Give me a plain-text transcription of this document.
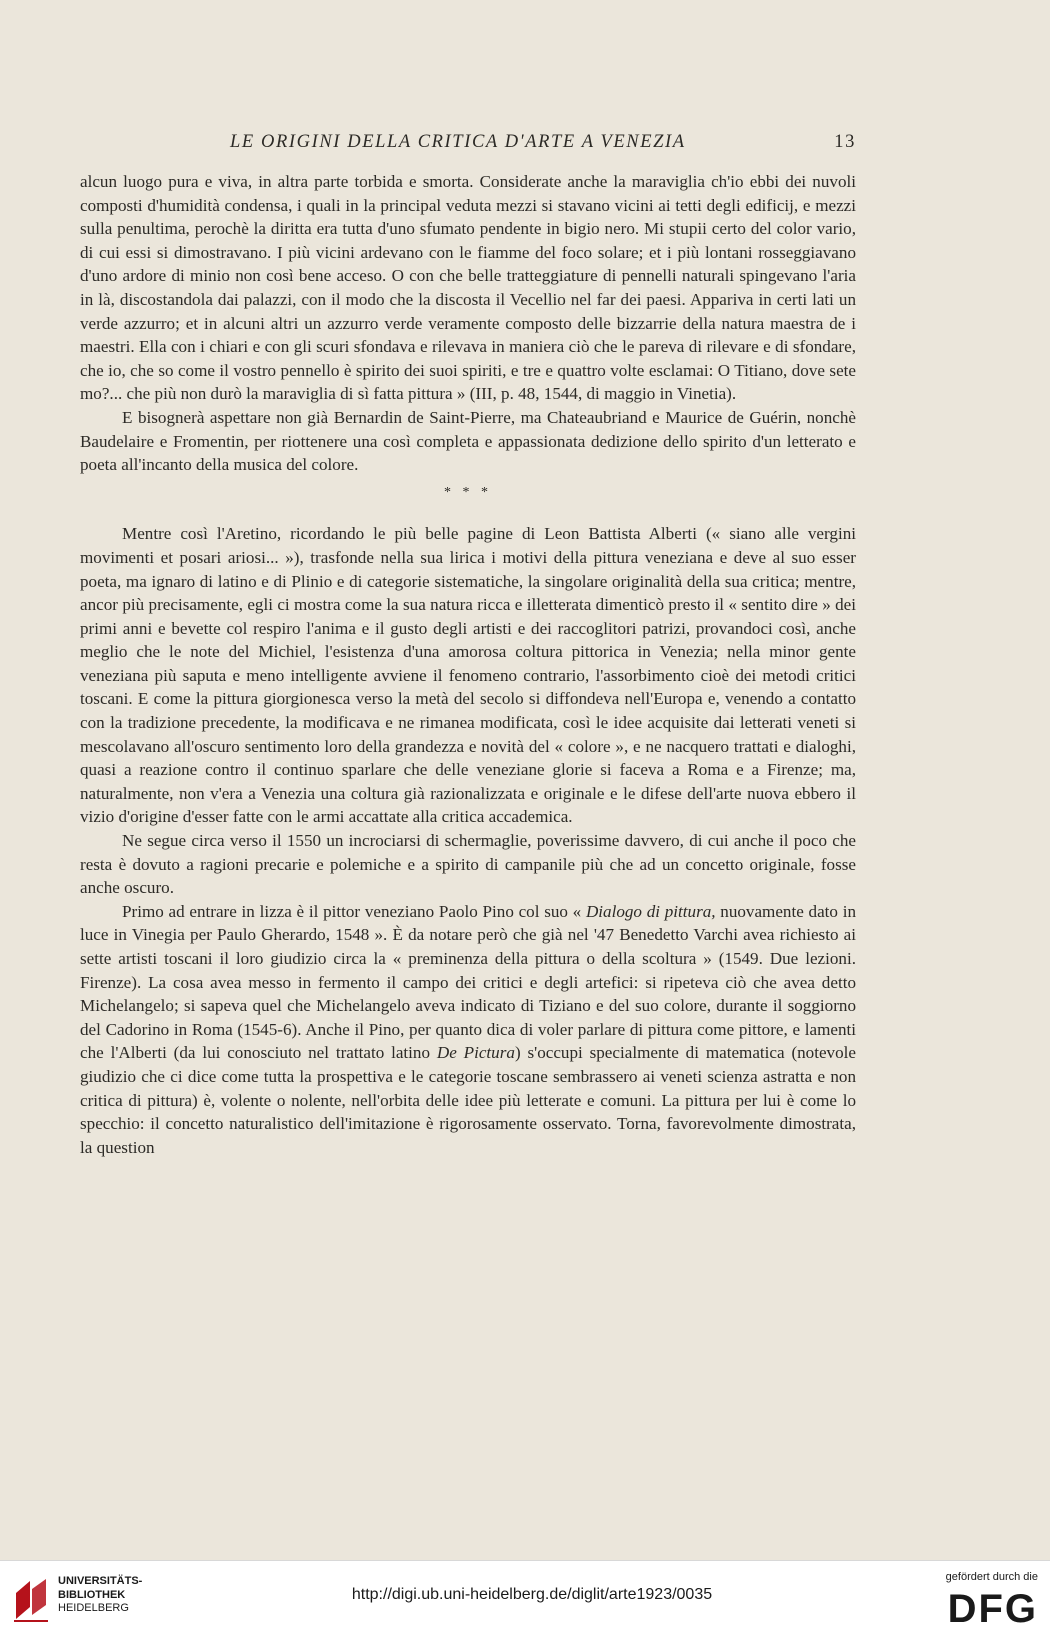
LE ORIGINI DELLA CRITICA D'ARTE A VENEZIA	13

alcun luogo pura e viva, in altra parte torbida e smorta. Considerate anche la maraviglia ch'io ebbi dei nuvoli composti d'humidità condensa, i quali in la principal veduta mezzi si stavano vicini ai tetti degli edificij, e mezzi sulla penultima, perochè la diritta era tutta d'uno sfumato pendente in bigio nero. Mi stupii certo del color vario, di cui essi si dimostravano. I più vicini ardevano con le fiamme del foco solare; et i più lontani rosseggiavano d'uno ardore di minio non così bene acceso. O con che belle tratteggiature di pennelli naturali spingevano l'aria in là, discostandola dai palazzi, con il modo che la discosta il Vecellio nel far dei paesi. Appariva in certi lati un verde azzurro; et in alcuni altri un azzurro verde veramente composto delle bizzarrie della natura maestra de i maestri. Ella con i chiari e con gli scuri sfondava e rilevava in maniera ciò che le pareva di rilevare e di sfondare, che io, che so come il vostro pennello è spirito dei suoi spiriti, e tre e quattro volte esclamai: O Titiano, dove sete mo?... che più non durò la maraviglia di sì fatta pittura » (III, p. 48, 1544, di maggio in Vinetia).

E bisognerà aspettare non già Bernardin de Saint-Pierre, ma Chateaubriand e Maurice de Guérin, nonchè Baudelaire e Fromentin, per riottenere una così completa e appassionata dedizione dello spirito d'un letterato e poeta all'incanto della musica del colore.

* * *

Mentre così l'Aretino, ricordando le più belle pagine di Leon Battista Alberti (« siano alle vergini movimenti et posari ariosi... »), trasfonde nella sua lirica i motivi della pittura veneziana e deve al suo esser poeta, ma ignaro di latino e di Plinio e di categorie sistematiche, la singolare originalità della sua critica; mentre, ancor più precisamente, egli ci mostra come la sua natura ricca e illetterata dimenticò presto il « sentito dire » dei primi anni e bevette col respiro l'anima e il gusto degli artisti e dei raccoglitori patrizi, provandoci così, anche meglio che le note del Michiel, l'esistenza d'una amorosa coltura pittorica in Venezia; nella minor gente veneziana più saputa e meno intelligente avviene il fenomeno contrario, l'assorbimento cioè dei metodi critici toscani. E come la pittura giorgionesca verso la metà del secolo si diffondeva nell'Europa e, venendo a contatto con la tradizione precedente, la modificava e ne rimanea modificata, così le idee acquisite dai letterati veneti si mescolavano all'oscuro sentimento loro della grandezza e novità del « colore », e ne nacquero trattati e dialoghi, quasi a reazione contro il continuo sparlare che delle veneziane glorie si faceva a Roma e a Firenze; ma, naturalmente, non v'era a Venezia una coltura già razionalizzata e originale e le difese dell'arte nuova ebbero il vizio d'origine d'esser fatte con le armi accattate alla critica accademica.

Ne segue circa verso il 1550 un incrociarsi di schermaglie, poverissime davvero, di cui anche il poco che resta è dovuto a ragioni precarie e polemiche e a spirito di campanile più che ad un concetto originale, fosse anche oscuro.

Primo ad entrare in lizza è il pittor veneziano Paolo Pino col suo « Dialogo di pittura, nuovamente dato in luce in Vinegia per Paulo Gherardo, 1548 ». È da notare però che già nel '47 Benedetto Varchi avea richiesto ai sette artisti toscani il loro giudizio circa la « preminenza della pittura o della scoltura » (1549. Due lezioni. Firenze). La cosa avea messo in fermento il campo dei critici e degli artefici: si ripeteva ciò che avea detto Michelangelo; si sapeva quel che Michelangelo aveva indicato di Tiziano e del suo colore, durante il soggiorno del Cadorino in Roma (1545-6). Anche il Pino, per quanto dica di voler parlare di pittura come pittore, e lamenti che l'Alberti (da lui conosciuto nel trattato latino De Pictura) s'occupi specialmente di matematica (notevole giudizio che ci dice come tutta la prospettiva e le categorie toscane sembrassero ai veneti scienza astratta e non critica di pittura) è, volente o nolente, nell'orbita delle idee più letterate e comuni. La pittura per lui è come lo specchio: il concetto naturalistico dell'imitazione è rigorosamente osservato. Torna, favorevolmente dimostrata, la question

UNIVERSITÄTS-
BIBLIOTHEK
HEIDELBERG
http://digi.ub.uni-heidelberg.de/diglit/arte1923/0035
gefördert durch die
DFG
